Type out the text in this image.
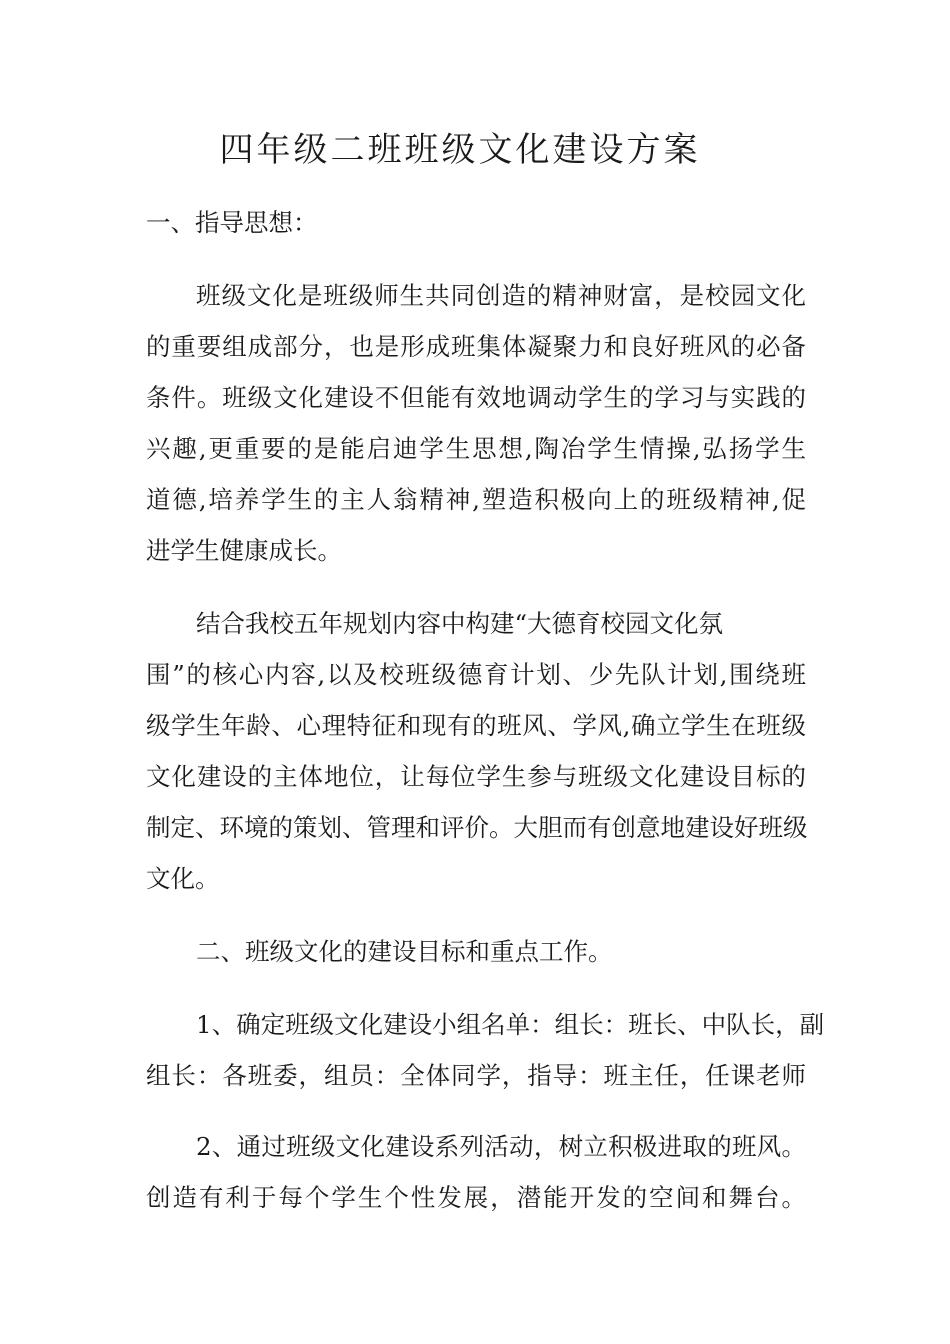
四年级二班班级文化建设方案
一、指导思想：
班级文化是班级师生共同创造的精神财富，是校园文化
的重要组成部分，也是形成班集体凝聚力和良好班风的必备
条件。班级文化建设不但能有效地调动学生的学习与实践的
兴趣,更重要的是能启迪学生思想,陶冶学生情操,弘扬学生
道德,培养学生的主人翁精神,塑造积极向上的班级精神,促
进学生健康成长。
结合我校五年规划内容中构建“大德育校园文化氛
围”的核心内容,以及校班级德育计划、少先队计划,围绕班
级学生年龄、心理特征和现有的班风、学风,确立学生在班级
文化建设的主体地位，让每位学生参与班级文化建设目标的
制定、环境的策划、管理和评价。大胆而有创意地建设好班级
文化。
二、班级文化的建设目标和重点工作。
1、确定班级文化建设小组名单：组长：班长、中队长，副
组长：各班委，组员：全体同学，指导：班主任，任课老师
2、通过班级文化建设系列活动，树立积极进取的班风。
创造有利于每个学生个性发展，潜能开发的空间和舞台。
